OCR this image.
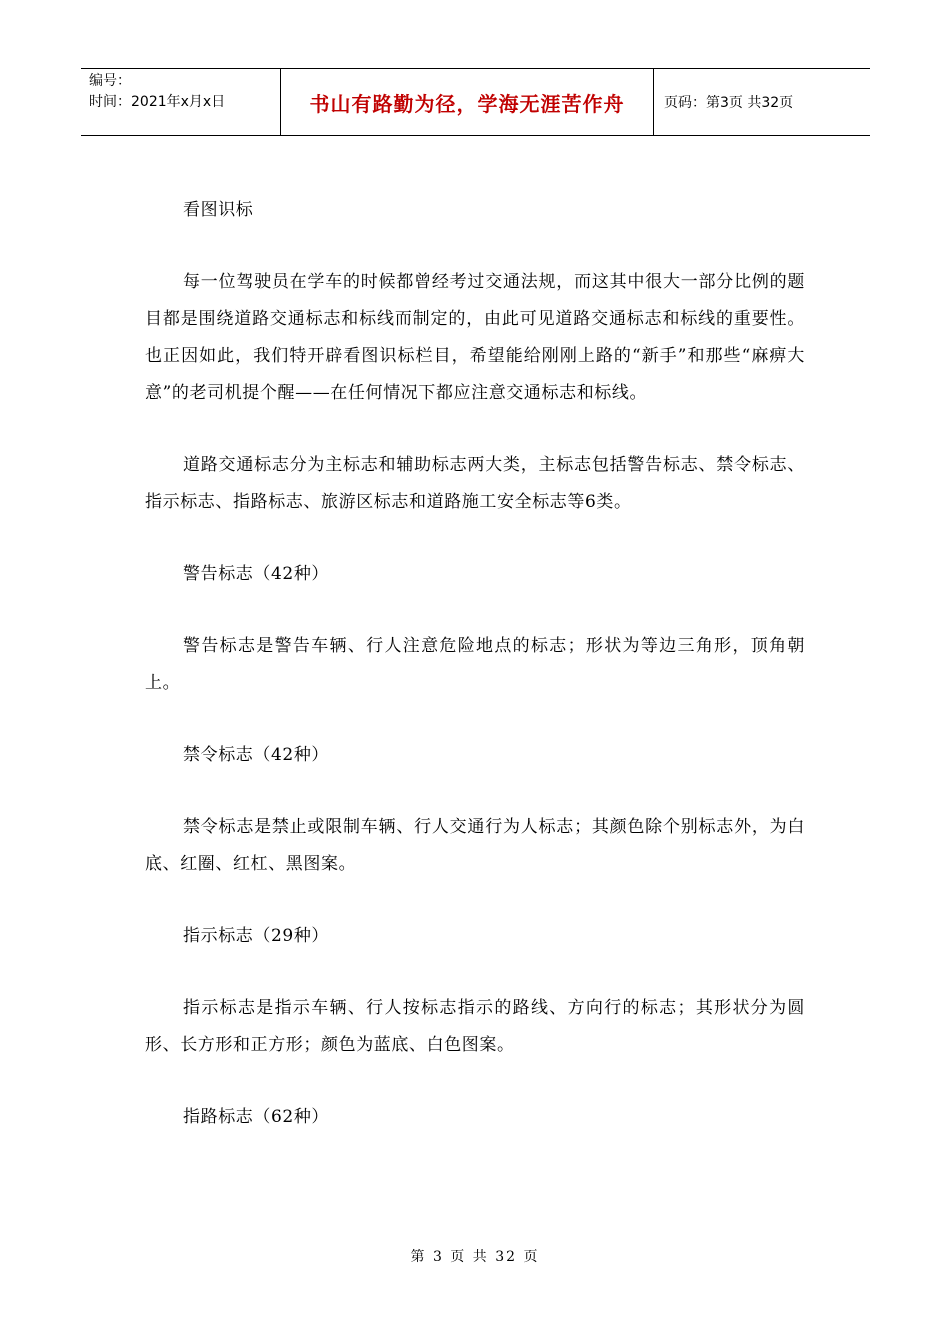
编号：
时间：2021年x月x日	书山有路勤为径，学海无涯苦作舟	页码：第3页 共32页

看图识标

每一位驾驶员在学车的时候都曾经考过交通法规，而这其中很大一部分比例的题目都是围绕道路交通标志和标线而制定的，由此可见道路交通标志和标线的重要性。也正因如此，我们特开辟看图识标栏目，希望能给刚刚上路的“新手”和那些“麻痹大意”的老司机提个醒——在任何情况下都应注意交通标志和标线。

道路交通标志分为主标志和辅助标志两大类，主标志包括警告标志、禁令标志、指示标志、指路标志、旅游区标志和道路施工安全标志等6类。

警告标志（42种）

警告标志是警告车辆、行人注意危险地点的标志；形状为等边三角形，顶角朝上。

禁令标志（42种）

禁令标志是禁止或限制车辆、行人交通行为人标志；其颜色除个别标志外，为白底、红圈、红杠、黑图案。

指示标志（29种）

指示标志是指示车辆、行人按标志指示的路线、方向行的标志；其形状分为圆形、长方形和正方形；颜色为蓝底、白色图案。

指路标志（62种）

第 3 页 共 32 页
